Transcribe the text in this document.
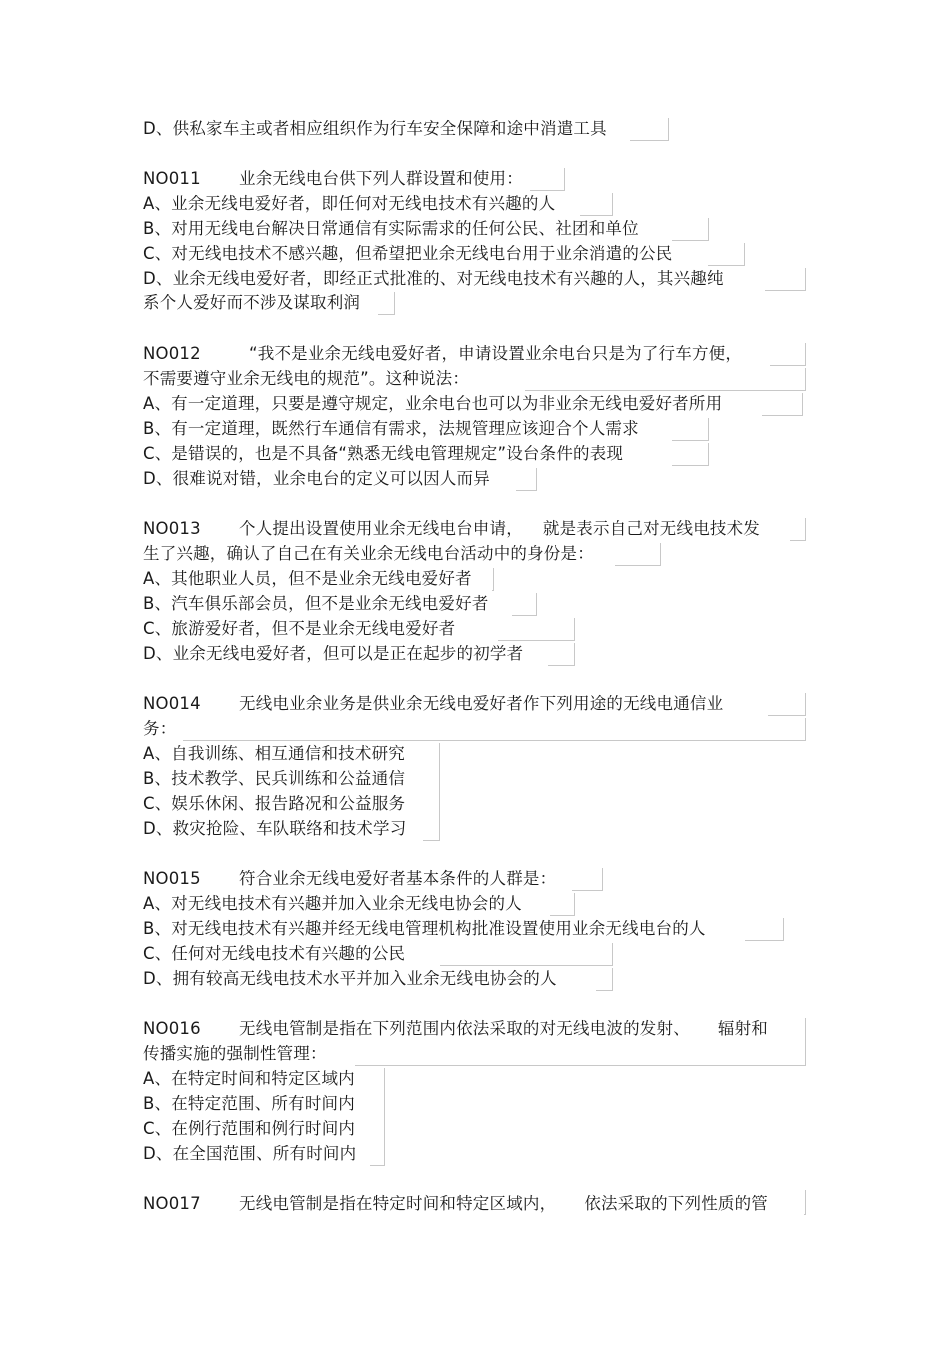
D、供私家车主或者相应组织作为行车安全保障和途中消遣工具
NO011 业余无线电台供下列人群设置和使用：
A、业余无线电爱好者，即任何对无线电技术有兴趣的人
B、对用无线电台解决日常通信有实际需求的任何公民、社团和单位
C、对无线电技术不感兴趣，但希望把业余无线电台用于业余消遣的公民
D、业余无线电爱好者，即经正式批准的、对无线电技术有兴趣的人，其兴趣纯
系个人爱好而不涉及谋取利润
NO012	“我不是业余无线电爱好者，申请设置业余电台只是为了行车方便，
不需要遵守业余无线电的规范”。这种说法：
A、有一定道理，只要是遵守规定，业余电台也可以为非业余无线电爱好者所用
B、有一定道理，既然行车通信有需求，法规管理应该迎合个人需求
C、是错误的，也是不具备“熟悉无线电管理规定”设台条件的表现
D、很难说对错，业余电台的定义可以因人而异
NO013 个人提出设置使用业余无线电台申请， 就是表示自己对无线电技术发
生了兴趣，确认了自己在有关业余无线电台活动中的身份是：
A、其他职业人员，但不是业余无线电爱好者
B、汽车俱乐部会员，但不是业余无线电爱好者
C、旅游爱好者，但不是业余无线电爱好者
D、业余无线电爱好者，但可以是正在起步的初学者
NO014 无线电业余业务是供业余无线电爱好者作下列用途的无线电通信业
务：
A、自我训练、相互通信和技术研究
B、技术教学、民兵训练和公益通信
C、娱乐休闲、报告路况和公益服务
D、救灾抢险、车队联络和技术学习
NO015 符合业余无线电爱好者基本条件的人群是：
A、对无线电技术有兴趣并加入业余无线电协会的人
B、对无线电技术有兴趣并经无线电管理机构批准设置使用业余无线电台的人
C、任何对无线电技术有兴趣的公民
D、拥有较高无线电技术水平并加入业余无线电协会的人
NO016 无线电管制是指在下列范围内依法采取的对无线电波的发射、 辐射和
传播实施的强制性管理：
A、在特定时间和特定区域内
B、在特定范围、所有时间内
C、在例行范围和例行时间内
D、在全国范围、所有时间内
NO017 无线电管制是指在特定时间和特定区域内， 依法采取的下列性质的管
